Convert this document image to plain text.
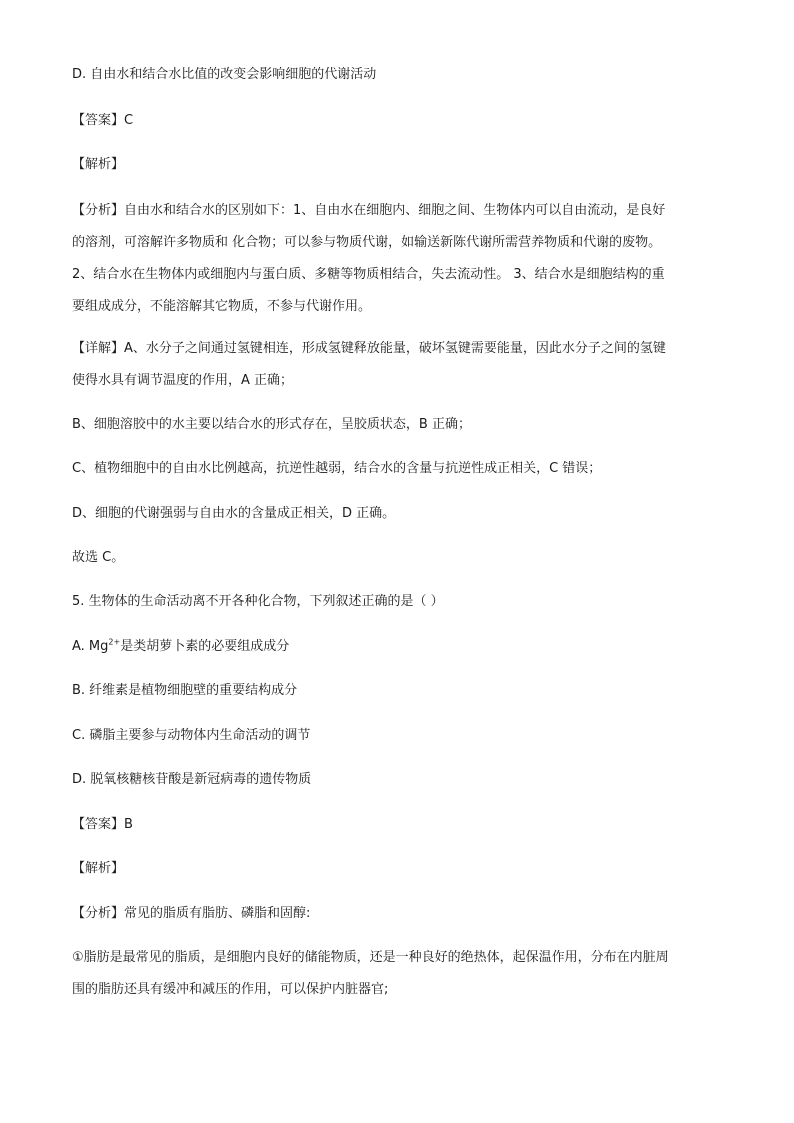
D. 自由水和结合水比值的改变会影响细胞的代谢活动
【答案】C
【解析】
【分析】自由水和结合水的区别如下：1、自由水在细胞内、细胞之间、生物体内可以自由流动，是良好
的溶剂，可溶解许多物质和 化合物；可以参与物质代谢，如输送新陈代谢所需营养物质和代谢的废物。
2、结合水在生物体内或细胞内与蛋白质、多糖等物质相结合，失去流动性。 3、结合水是细胞结构的重
要组成成分，不能溶解其它物质，不参与代谢作用。
【详解】A、水分子之间通过氢键相连，形成氢键释放能量，破坏氢键需要能量，因此水分子之间的氢键
使得水具有调节温度的作用，A 正确；
B、细胞溶胶中的水主要以结合水的形式存在，呈胶质状态，B 正确；
C、植物细胞中的自由水比例越高，抗逆性越弱，结合水的含量与抗逆性成正相关，C 错误；
D、细胞的代谢强弱与自由水的含量成正相关，D 正确。
故选 C。
5. 生物体的生命活动离不开各种化合物，下列叙述正确的是（ ）
A. $Mg^{2+}$是类胡萝卜素的必要组成成分
B. 纤维素是植物细胞壁的重要结构成分
C. 磷脂主要参与动物体内生命活动的调节
D. 脱氧核糖核苷酸是新冠病毒的遗传物质
【答案】B
【解析】
【分析】常见的脂质有脂肪、磷脂和固醇:
①脂肪是最常见的脂质，是细胞内良好的储能物质，还是一种良好的绝热体，起保温作用，分布在内脏周
围的脂肪还具有缓冲和减压的作用，可以保护内脏器官;
